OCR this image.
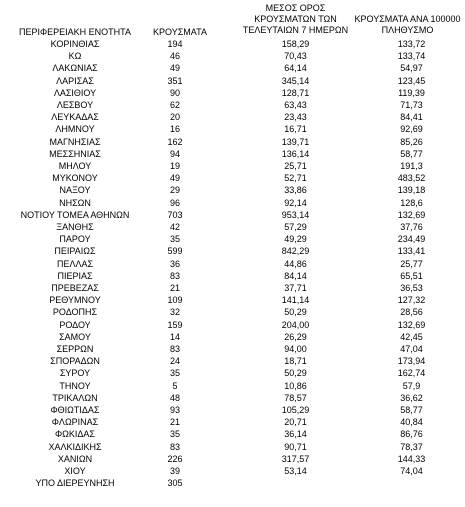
ΠΕΡΙΦΕΡΕΙΑΚΗ ΕΝΟΤΗΤΑ	ΚΡΟΥΣΜΑΤΑ
ΜΕΣΟΣ ΟΡΟΣ
ΚΡΟΥΣΜΑΤΩΝ ΤΩΝ
ΤΕΛΕΥΤΑΙΩΝ 7 ΗΜΕΡΩΝ
ΚΡΟΥΣΜΑΤΑ ΑΝΑ 100000
ΠΛΗΘΥΣΜΟ
ΚΟΡΙΝΘΙΑΣ	194	158,29	133,72
ΚΩ	46	70,43	133,74
ΛΑΚΩΝΙΑΣ	49	64,14	54,97
ΛΑΡΙΣΑΣ	351	345,14	123,45
ΛΑΣΙΘΙΟΥ	90	128,71	119,39
ΛΕΣΒΟΥ	62	63,43	71,73
ΛΕΥΚΑΔΑΣ	20	23,43	84,41
ΛΗΜΝΟΥ	16	16,71	92,69
ΜΑΓΝΗΣΙΑΣ	162	139,71	85,26
ΜΕΣΣΗΝΙΑΣ	94	136,14	58,77
ΜΗΛΟΥ	19	25,71	191,3
ΜΥΚΟΝΟΥ	49	52,71	483,52
ΝΑΞΟΥ	29	33,86	139,18
ΝΗΣΩΝ	96	92,14	128,6
ΝΟΤΙΟΥ ΤΟΜΕΑ ΑΘΗΝΩΝ	703	953,14	132,69
ΞΑΝΘΗΣ	42	57,29	37,76
ΠΑΡΟΥ	35	49,29	234,49
ΠΕΙΡΑΙΩΣ	599	842,29	133,41
ΠΕΛΛΑΣ	36	44,86	25,77
ΠΙΕΡΙΑΣ	83	84,14	65,51
ΠΡΕΒΕΖΑΣ	21	37,71	36,53
ΡΕΘΥΜΝΟΥ	109	141,14	127,32
ΡΟΔΟΠΗΣ	32	50,29	28,56
ΡΟΔΟΥ	159	204,00	132,69
ΣΑΜΟΥ	14	26,29	42,45
ΣΕΡΡΩΝ	83	94,00	47,04
ΣΠΟΡΑΔΩΝ	24	18,71	173,94
ΣΥΡΟΥ	35	50,29	162,74
ΤΗΝΟΥ	5	10,86	57,9
ΤΡΙΚΑΛΩΝ	48	78,57	36,62
ΦΘΙΩΤΙΔΑΣ	93	105,29	58,77
ΦΛΩΡΙΝΑΣ	21	20,71	40,84
ΦΩΚΙΔΑΣ	35	36,14	86,76
ΧΑΛΚΙΔΙΚΗΣ	83	90,71	78,37
ΧΑΝΙΩΝ	226	317,57	144,33
ΧΙΟΥ	39	53,14	74,04
ΥΠΟ ΔΙΕΡΕΥΝΗΣΗ	305
